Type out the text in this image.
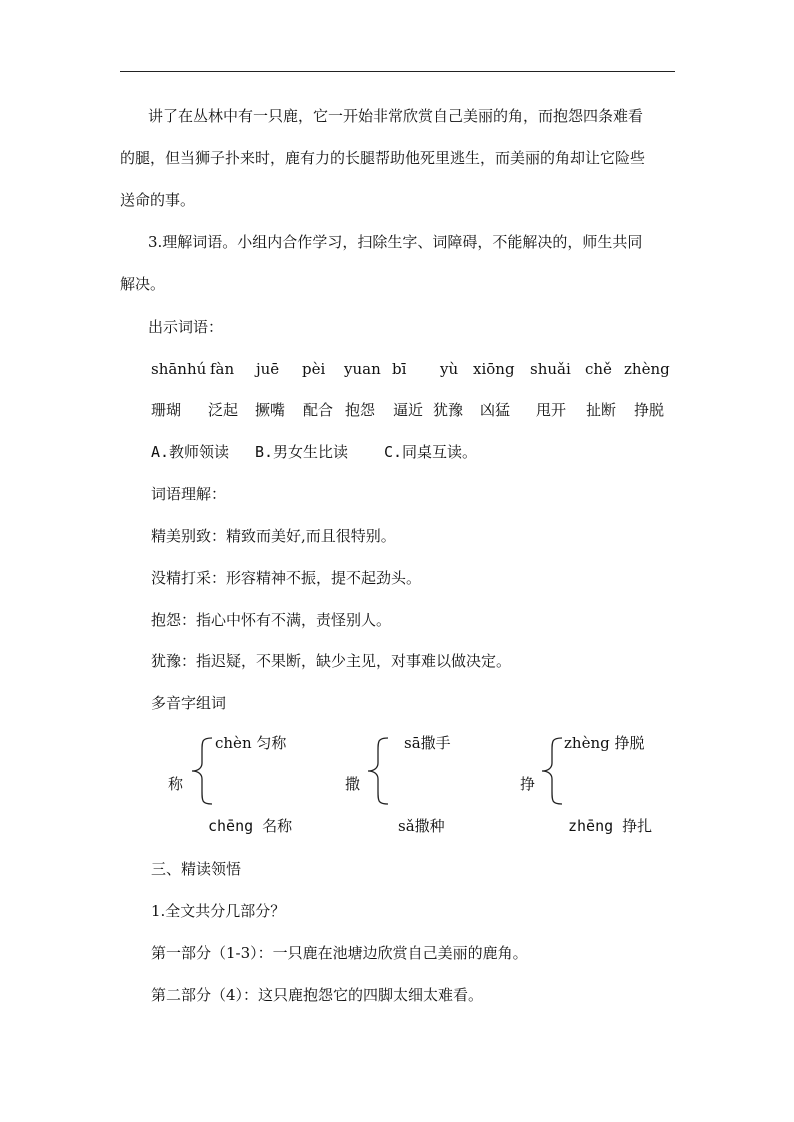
讲了在丛林中有一只鹿，它一开始非常欣赏自己美丽的角，而抱怨四条难看
的腿，但当狮子扑来时，鹿有力的长腿帮助他死里逃生，而美丽的角却让它险些
送命的事。
3.理解词语。小组内合作学习，扫除生字、词障碍，不能解决的，师生共同
解决。
出示词语：
shānhú fàn juē pèi yuan bī yù xiōng shuǎi chě zhèng
珊瑚 泛起 撅嘴 配合 抱怨 逼近 犹豫 凶猛 甩开 扯断 挣脱
A.教师领读 B.男女生比读 C.同桌互读。
词语理解：
精美别致：精致而美好,而且很特别。
没精打采：形容精神不振，提不起劲头。
抱怨：指心中怀有不满，责怪别人。
犹豫：指迟疑，不果断，缺少主见，对事难以做决定。
多音字组词
称
chèn 匀称
chēng 名称
撒
sā撒手
sǎ撒种
挣
zhèng 挣脱
zhēng 挣扎
三、精读领悟
1.全文共分几部分？
第一部分（1-3）：一只鹿在池塘边欣赏自己美丽的鹿角。
第二部分（4）：这只鹿抱怨它的四脚太细太难看。
